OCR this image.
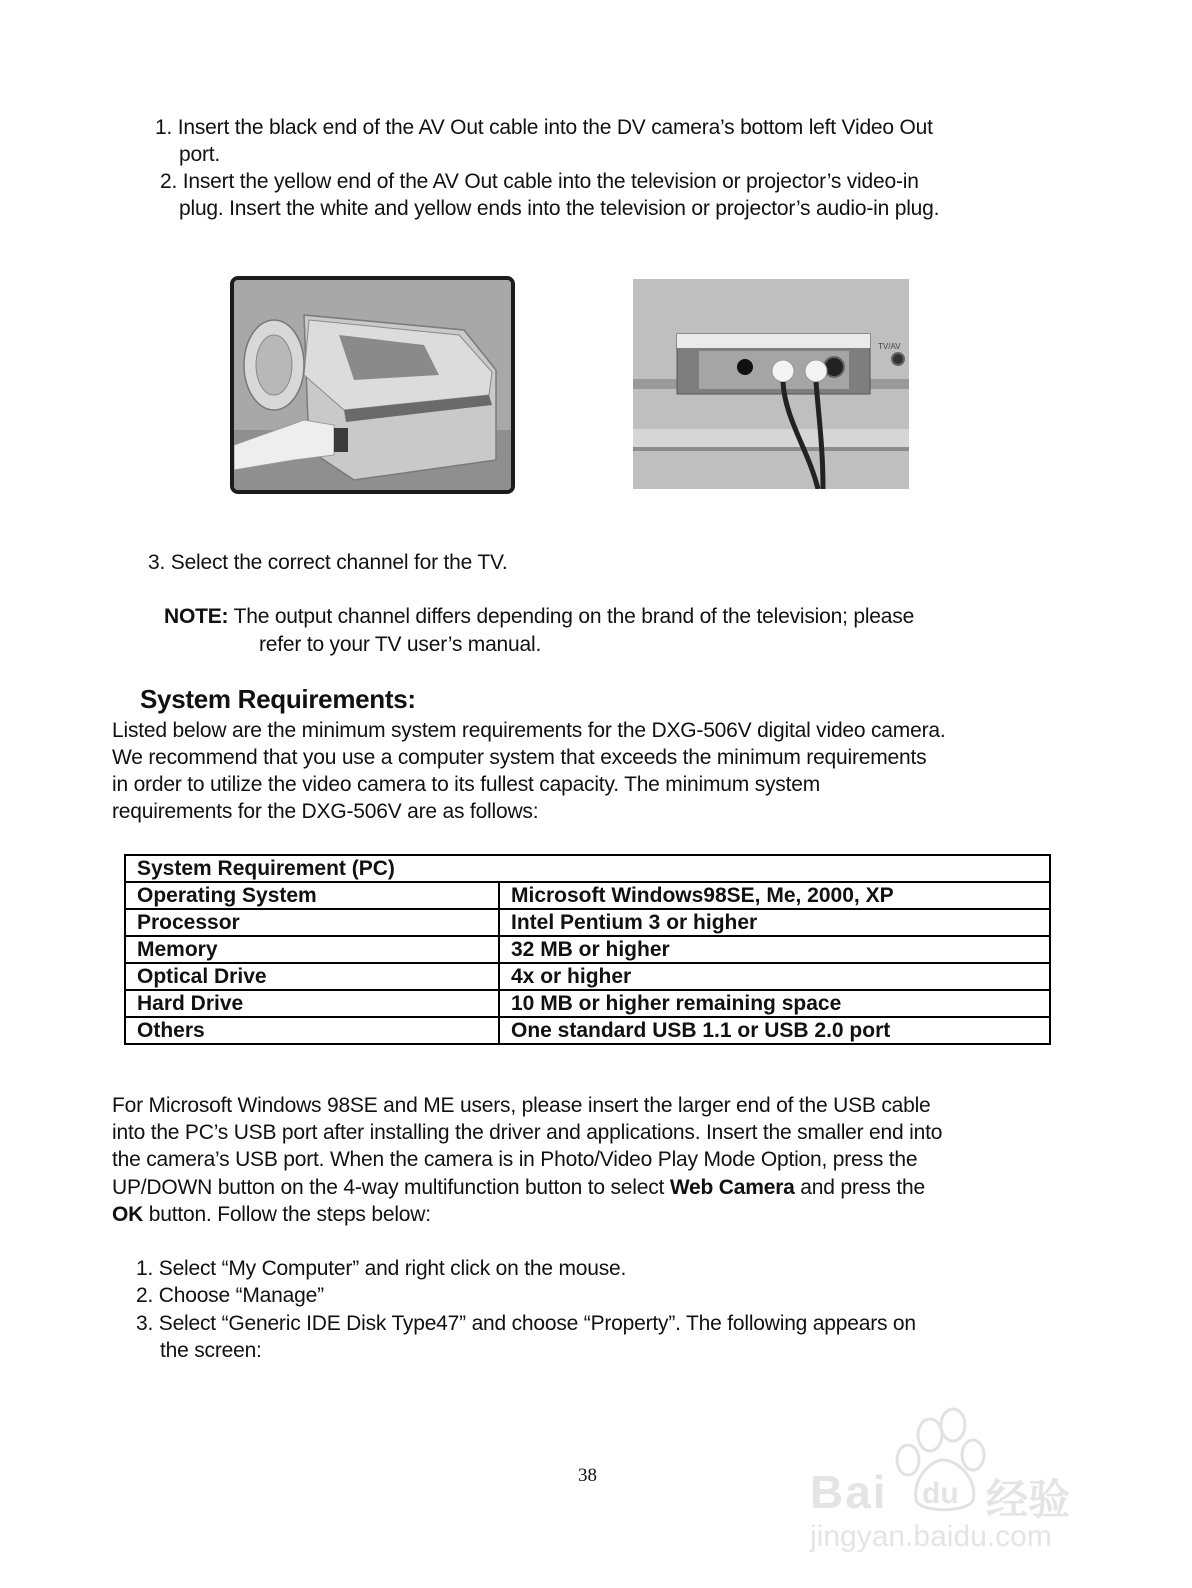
1. Insert the black end of the AV Out cable into the DV camera’s bottom left Video Out
port.
2. Insert the yellow end of the AV Out cable into the television or projector’s video-in
plug. Insert the white and yellow ends into the television or projector’s audio-in plug.
TV/AV
3. Select the correct channel for the TV.
NOTE: The output channel differs depending on the brand of the television; please
refer to your TV user’s manual.
System Requirements:
Listed below are the minimum system requirements for the DXG-506V digital video camera.
We recommend that you use a computer system that exceeds the minimum requirements
in order to utilize the video camera to its fullest capacity. The minimum system
requirements for the DXG-506V are as follows:
System Requirement (PC)	
Operating System	Microsoft Windows98SE, Me, 2000, XP
Processor	Intel Pentium 3 or higher
Memory	32 MB or higher
Optical Drive	4x or higher
Hard Drive	10 MB or higher remaining space
Others	One standard USB 1.1 or USB 2.0 port
For Microsoft Windows 98SE and ME users, please insert the larger end of the USB cable
into the PC’s USB port after installing the driver and applications. Insert the smaller end into
the camera’s USB port. When the camera is in Photo/Video Play Mode Option, press the
UP/DOWN button on the 4-way multifunction button to select Web Camera and press the
OK button. Follow the steps below:
1. Select “My Computer” and right click on the mouse.
2. Choose “Manage”
3. Select “Generic IDE Disk Type47” and choose “Property”. The following appears on
the screen:
38	Bai du 经验
jingyan.baidu.com
